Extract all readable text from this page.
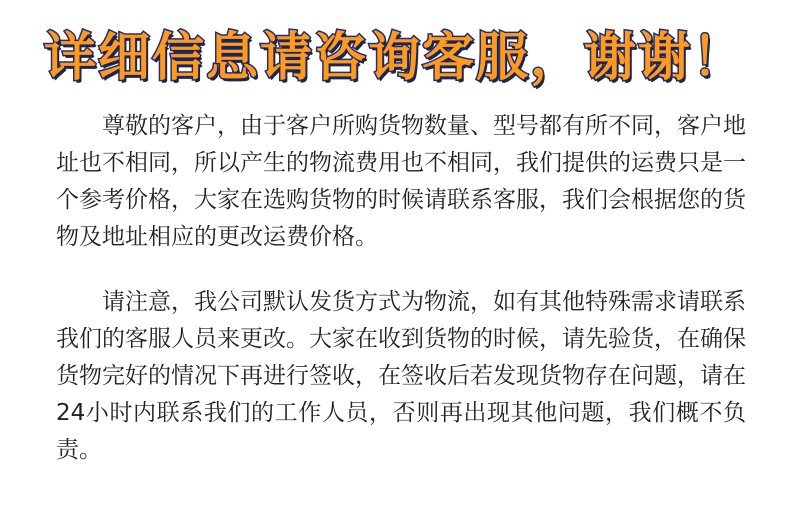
详细信息请咨询客服，谢谢！

尊敬的客户，由于客户所购货物数量、型号都有所不同，客户地址也不相同，所以产生的物流费用也不相同，我们提供的运费只是一个参考价格，大家在选购货物的时候请联系客服，我们会根据您的货物及地址相应的更改运费价格。

请注意，我公司默认发货方式为物流，如有其他特殊需求请联系我们的客服人员来更改。大家在收到货物的时候，请先验货，在确保货物完好的情况下再进行签收，在签收后若发现货物存在问题，请在24小时内联系我们的工作人员，否则再出现其他问题，我们概不负责。
